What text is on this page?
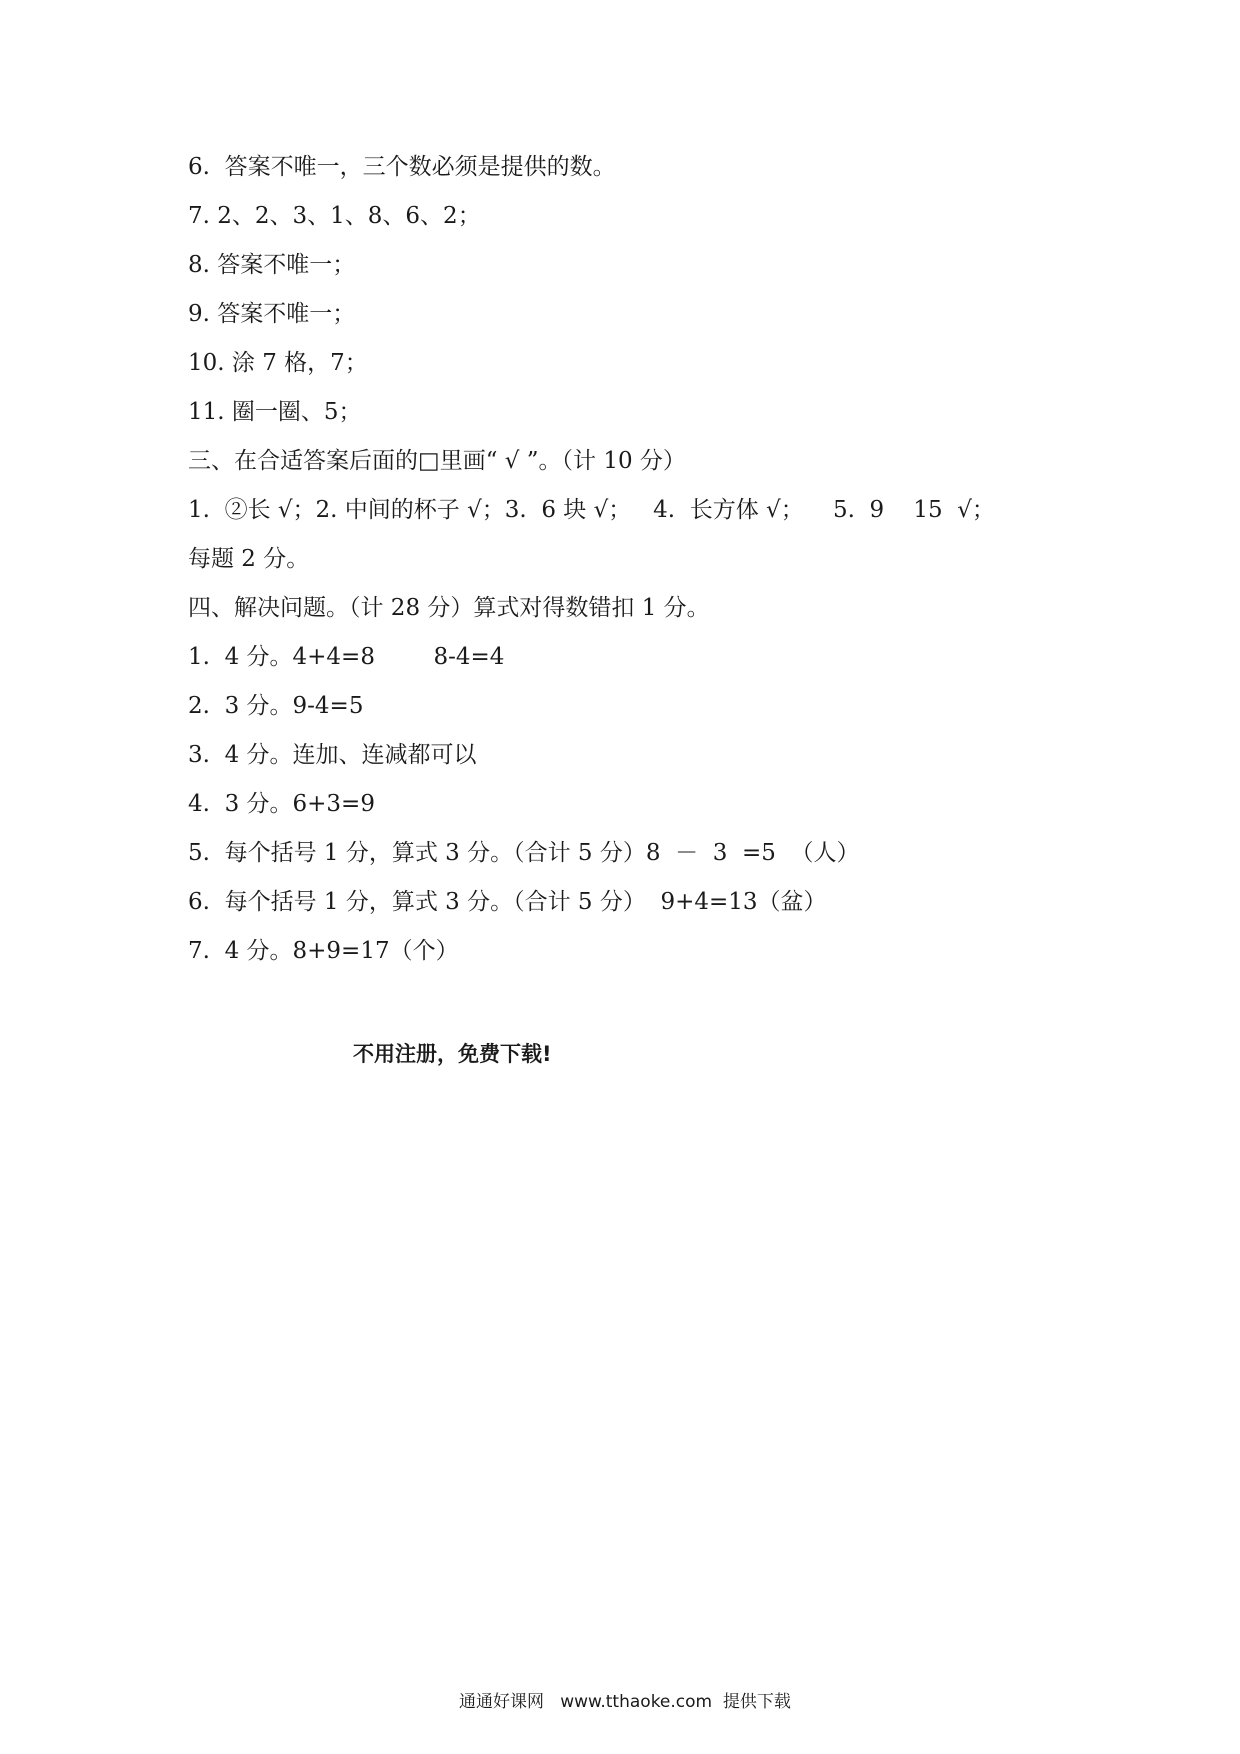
6.  答案不唯一，三个数必须是提供的数。
7. 2、2、3、1、8、6、2；
8. 答案不唯一；
9. 答案不唯一；
10. 涂 7 格，7；
11. 圈一圈、5；
三、在合适答案后面的□里画“ √ ”。（计 10 分）
1.  ②长 √；2. 中间的杯子 √；3.  6 块 √；   4.  长方体 √；    5.  9    15  √；
每题 2 分。
四、解决问题。（计 28 分）算式对得数错扣 1 分。
1.  4 分。4+4=8        8-4=4
2.  3 分。9-4=5
3.  4 分。连加、连减都可以
4.  3 分。6+3=9
5.  每个括号 1 分，算式 3 分。（合计 5 分）8  －  3  =5  （人）
6.  每个括号 1 分，算式 3 分。（合计 5 分）  9+4=13（盆）
7.  4 分。8+9=17（个）
不用注册，免费下载!
通通好课网   www.tthaoke.com  提供下载
